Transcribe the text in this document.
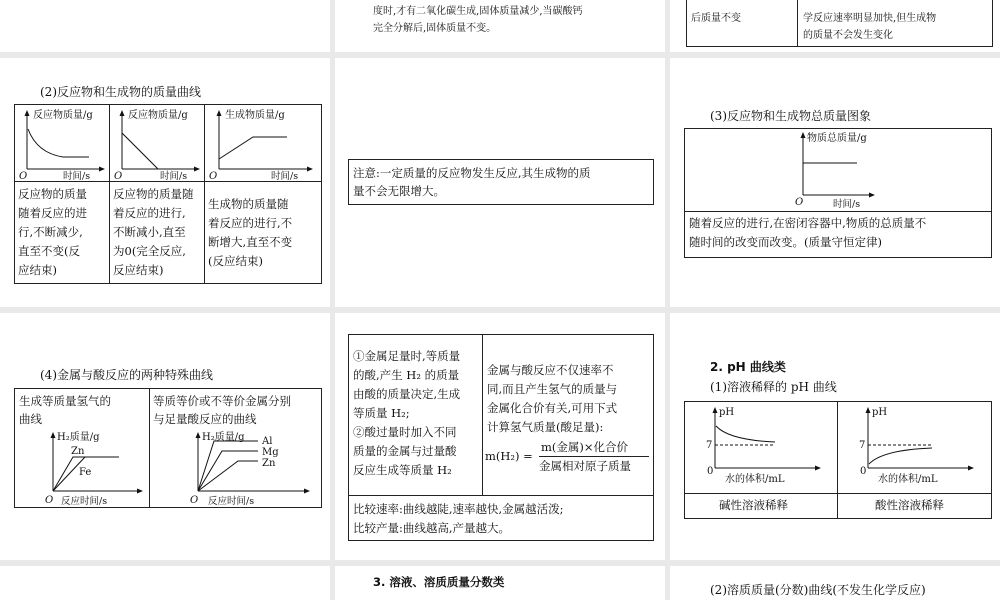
度时,才有二氧化碳生成,固体质量减少,当碳酸钙
完全分解后,固体质量不变。
后质量不变	学反应速率明显加快,但生成物
的质量不会发生变化
(2)反应物和生成物的质量曲线
反应物质量/g
时间/s
O
反应物质量/g
时间/s
O
生成物质量/g
时间/s
O
反应物的质量
随着反应的进
行,不断减少,
直至不变(反
应结束)
反应物的质量随
着反应的进行,
不断减小,直至
为0(完全反应,
反应结束)
生成物的质量随
着反应的进行,不
断增大,直至不变
(反应结束)
注意:一定质量的反应物发生反应,其生成物的质
量不会无限增大。
(3)反应物和生成物总质量图象
物质总质量/g
时间/s
O
随着反应的进行,在密闭容器中,物质的总质量不
随时间的改变而改变。(质量守恒定律)
(4)金属与酸反应的两种特殊曲线
生成等质量氢气的
曲线
等质等价或不等价金属分别
与足量酸反应的曲线
H₂质量/g
Zn
Fe
反应时间/s
O
H₂质量/g Al
Mg
Zn
反应时间/s
O
①金属足量时,等质量
的酸,产生 H₂ 的质量
由酸的质量决定,生成
等质量 H₂;
②酸过量时加入不同
质量的金属与过量酸
反应生成等质量 H₂
金属与酸反应不仅速率不
同,而且产生氢气的质量与
金属化合价有关,可用下式
计算氢气质量(酸足量):
m(H₂) =
m(金属)×化合价
金属相对原子质量
比较速率:曲线越陡,速率越快,金属越活泼;
比较产量:曲线越高,产量越大。
2. pH 曲线类
(1)溶液稀释的 pH 曲线
pH
7
0
水的体积/mL
pH
7
0
水的体积/mL
碱性溶液稀释	酸性溶液稀释
3. 溶液、溶质质量分数类
(2)溶质质量(分数)曲线(不发生化学反应)
